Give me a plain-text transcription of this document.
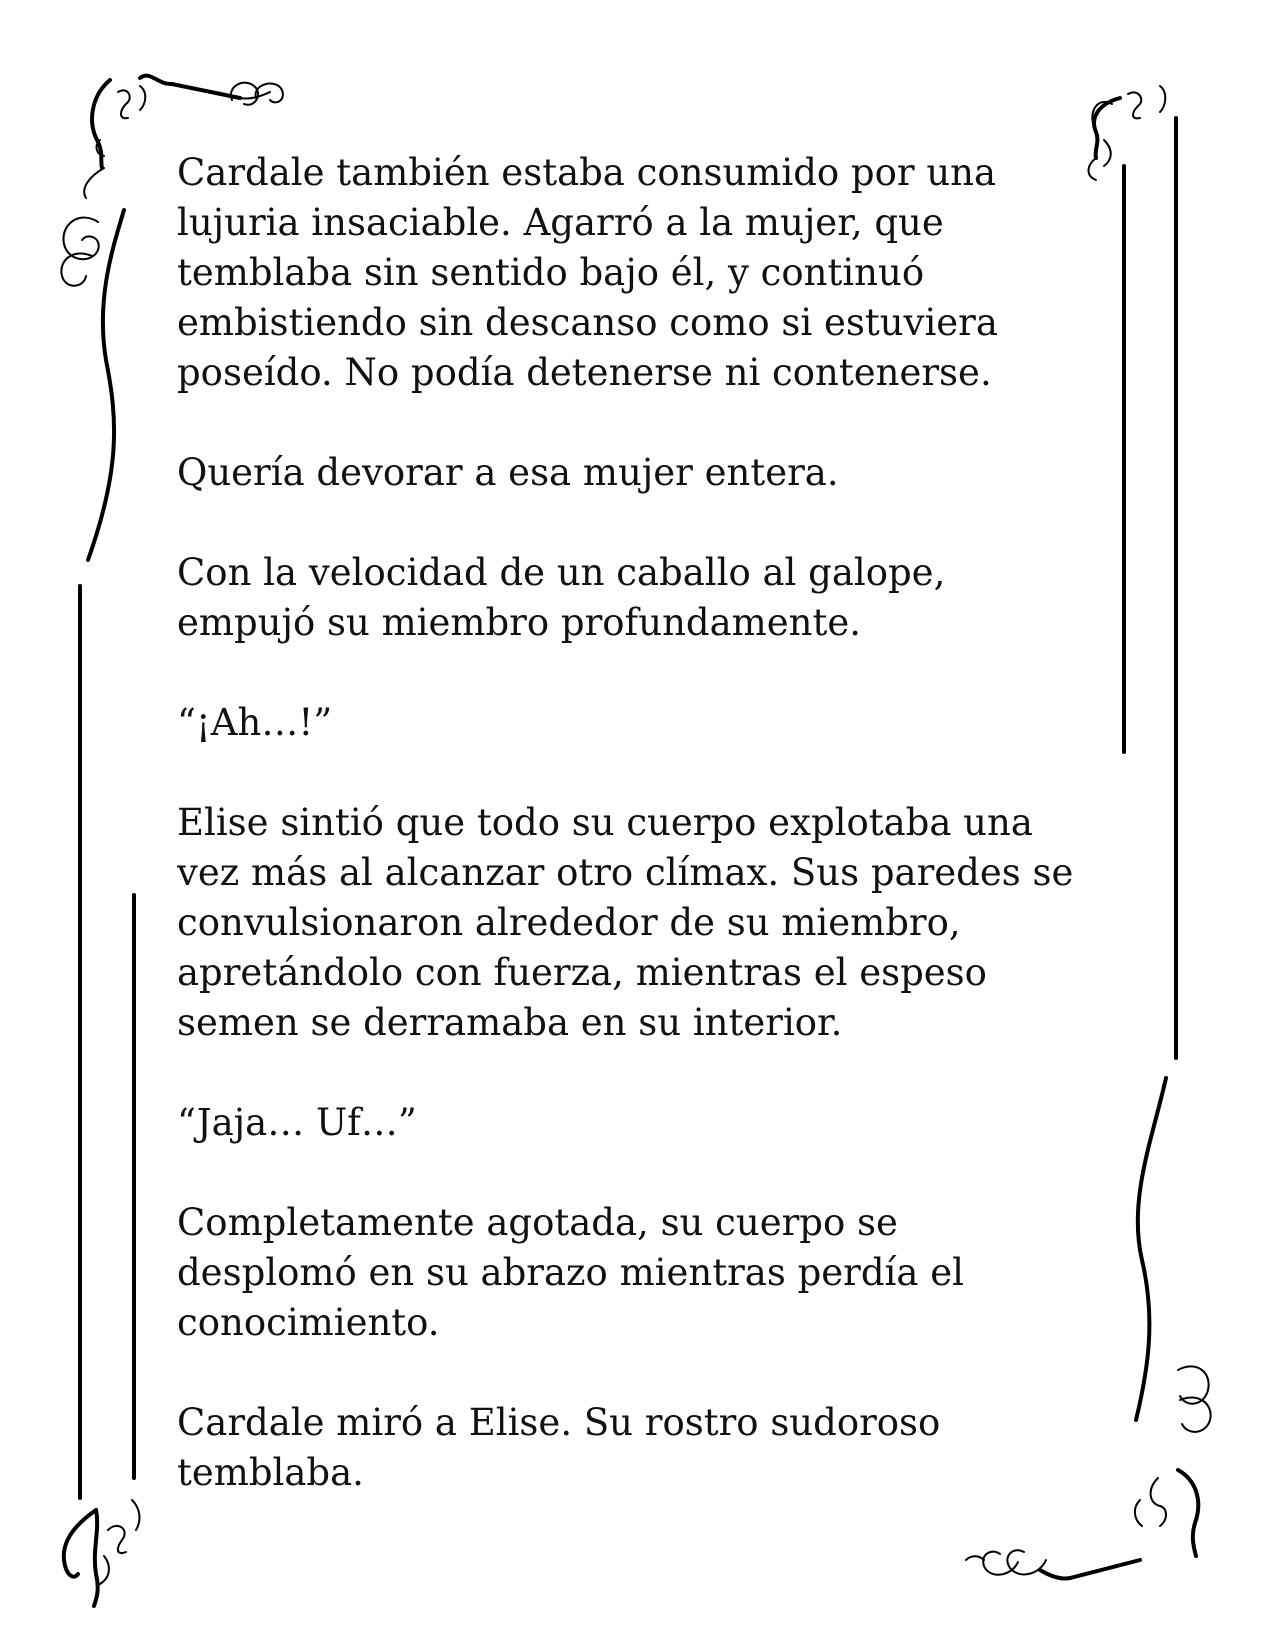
Cardale también estaba consumido por una
lujuria insaciable. Agarró a la mujer, que
temblaba sin sentido bajo él, y continuó
embistiendo sin descanso como si estuviera
poseído. No podía detenerse ni contenerse.

Quería devorar a esa mujer entera.

Con la velocidad de un caballo al galope,
empujó su miembro profundamente.

“¡Ah…!”

Elise sintió que todo su cuerpo explotaba una
vez más al alcanzar otro clímax. Sus paredes se
convulsionaron alrededor de su miembro,
apretándolo con fuerza, mientras el espeso
semen se derramaba en su interior.

“Jaja… Uf…”

Completamente agotada, su cuerpo se
desplomó en su abrazo mientras perdía el
conocimiento.

Cardale miró a Elise. Su rostro sudoroso
temblaba.
